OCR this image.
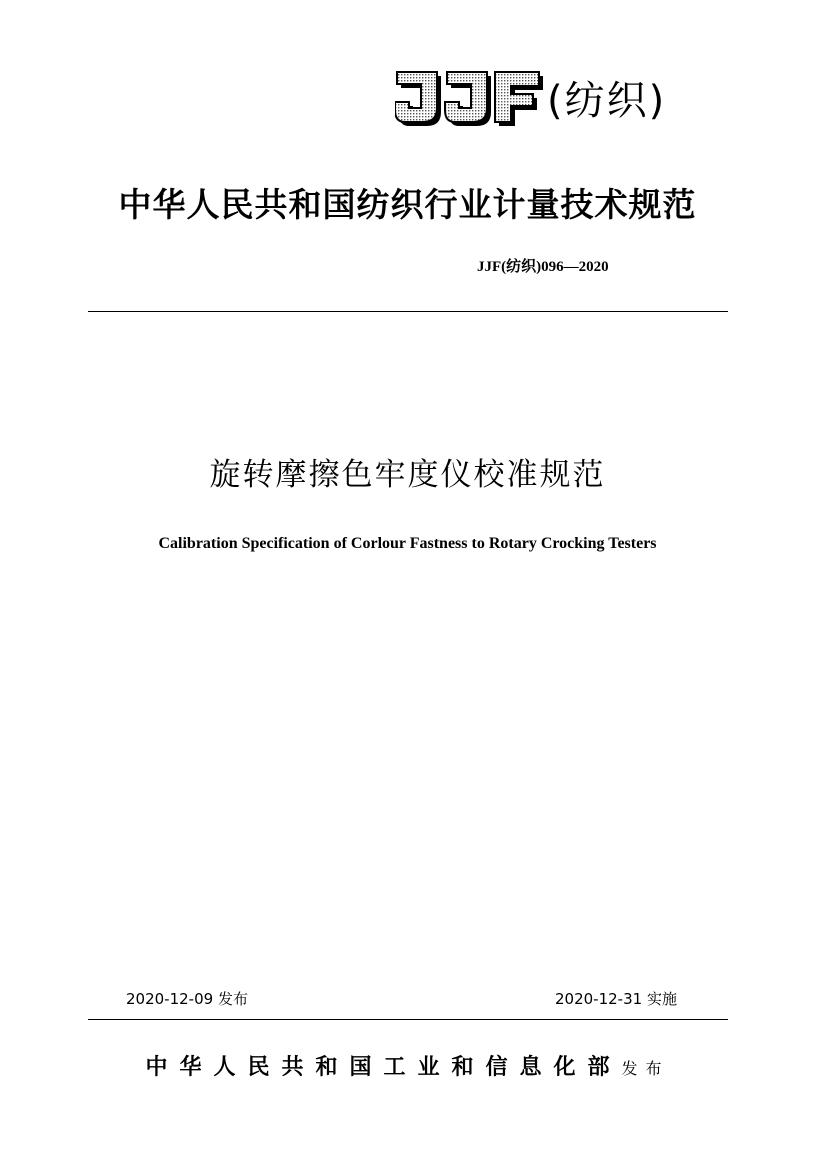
(纺织)
中华人民共和国纺织行业计量技术规范
JJF(纺织)096—2020
旋转摩擦色牢度仪校准规范
Calibration Specification of Corlour Fastness to Rotary Crocking Testers
2020-12-09 发布	2020-12-31 实施
中华人民共和国工业和信息化部发布
